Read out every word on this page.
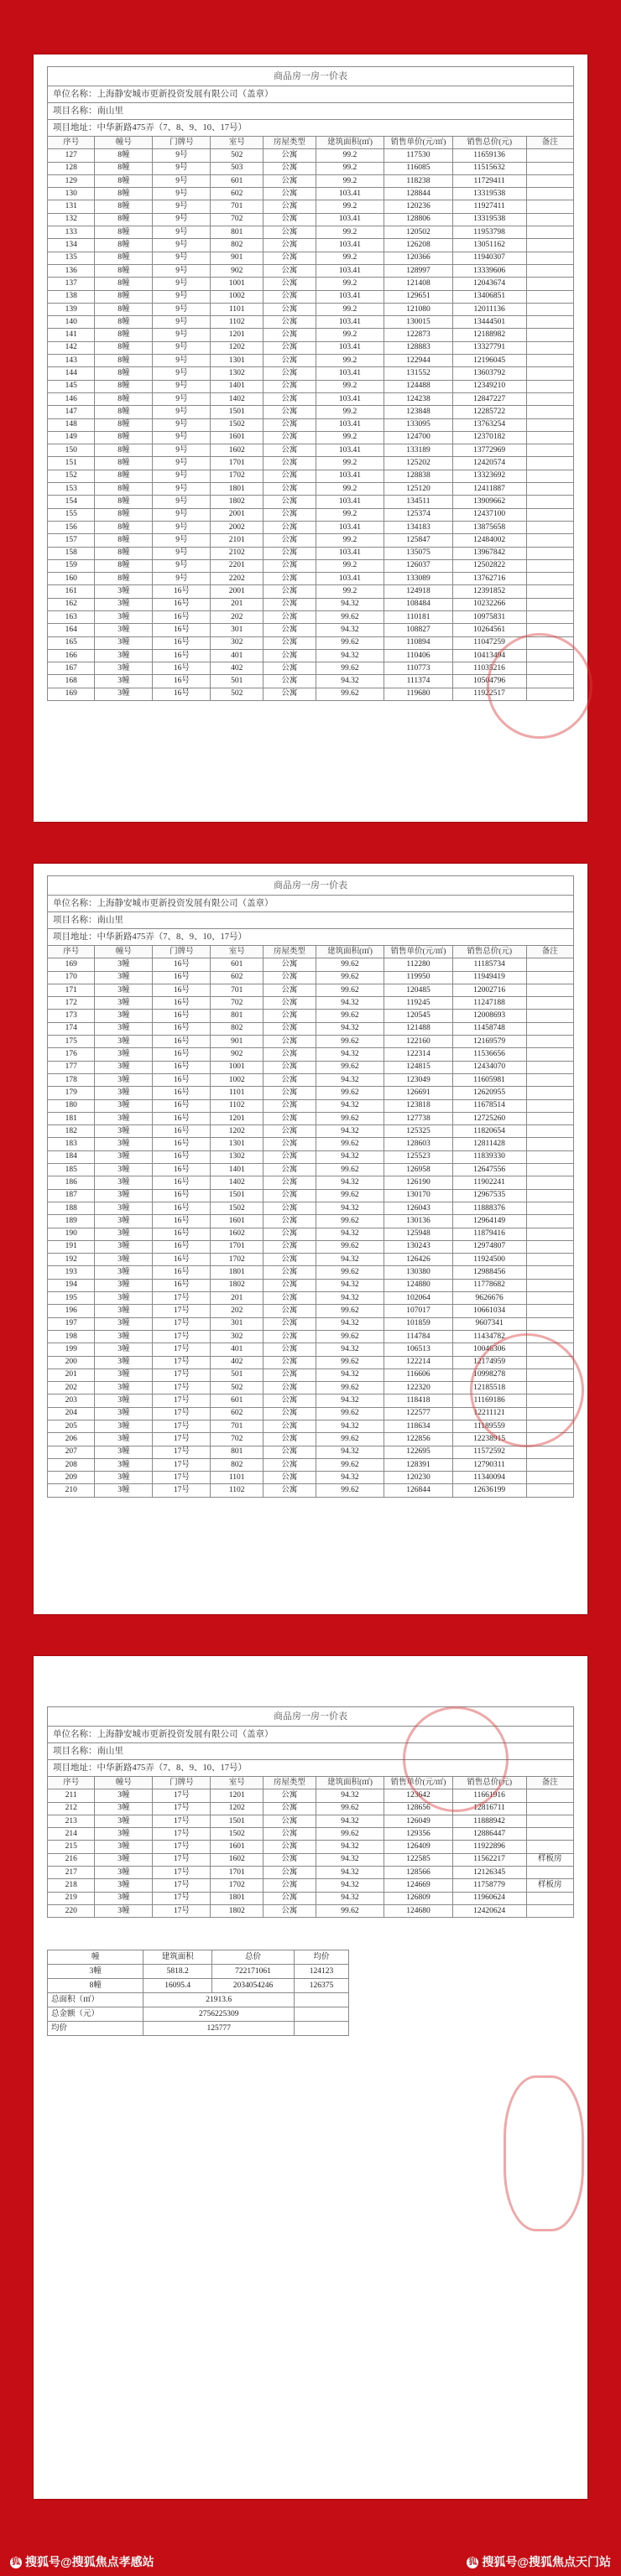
商品房一房一价表
单位名称：上海静安城市更新投资发展有限公司（盖章）
项目名称：南山里
项目地址：中华新路475弄（7、8、9、10、17号）
序号	幢号	门牌号	室号	房屋类型	建筑面积(㎡)	销售单价(元/㎡)	销售总价(元)	备注
127	8幢	9号	502	公寓	99.2	117530	11659136	
128	8幢	9号	503	公寓	99.2	116085	11515632	
129	8幢	9号	601	公寓	99.2	118238	11729411	
130	8幢	9号	602	公寓	103.41	128844	13319538	
131	8幢	9号	701	公寓	99.2	120236	11927411	
132	8幢	9号	702	公寓	103.41	128806	13319538	
133	8幢	9号	801	公寓	99.2	120502	11953798	
134	8幢	9号	802	公寓	103.41	126208	13051162	
135	8幢	9号	901	公寓	99.2	120366	11940307	
136	8幢	9号	902	公寓	103.41	128997	13339606	
137	8幢	9号	1001	公寓	99.2	121408	12043674	
138	8幢	9号	1002	公寓	103.41	129651	13406851	
139	8幢	9号	1101	公寓	99.2	121080	12011136	
140	8幢	9号	1102	公寓	103.41	130015	13444501	
141	8幢	9号	1201	公寓	99.2	122873	12188982	
142	8幢	9号	1202	公寓	103.41	128883	13327791	
143	8幢	9号	1301	公寓	99.2	122944	12196045	
144	8幢	9号	1302	公寓	103.41	131552	13603792	
145	8幢	9号	1401	公寓	99.2	124488	12349210	
146	8幢	9号	1402	公寓	103.41	124238	12847227	
147	8幢	9号	1501	公寓	99.2	123848	12285722	
148	8幢	9号	1502	公寓	103.41	133095	13763254	
149	8幢	9号	1601	公寓	99.2	124700	12370182	
150	8幢	9号	1602	公寓	103.41	133189	13772969	
151	8幢	9号	1701	公寓	99.2	125202	12420574	
152	8幢	9号	1702	公寓	103.41	128838	13323692	
153	8幢	9号	1801	公寓	99.2	125120	12411887	
154	8幢	9号	1802	公寓	103.41	134511	13909662	
155	8幢	9号	2001	公寓	99.2	125374	12437100	
156	8幢	9号	2002	公寓	103.41	134183	13875658	
157	8幢	9号	2101	公寓	99.2	125847	12484002	
158	8幢	9号	2102	公寓	103.41	135075	13967842	
159	8幢	9号	2201	公寓	99.2	126037	12502822	
160	8幢	9号	2202	公寓	103.41	133089	13762716	
161	3幢	16号	2001	公寓	99.2	124918	12391852	
162	3幢	16号	201	公寓	94.32	108484	10232266	
163	3幢	16号	202	公寓	99.62	110181	10975831	
164	3幢	16号	301	公寓	94.32	108827	10264561	
165	3幢	16号	302	公寓	99.62	110894	11047259	
166	3幢	16号	401	公寓	94.32	110406	10413494	
167	3幢	16号	402	公寓	99.62	110773	11035216	
168	3幢	16号	501	公寓	94.32	111374	10504796	
169	3幢	16号	502	公寓	99.62	119680	11922517	
商品房一房一价表
单位名称：上海静安城市更新投资发展有限公司（盖章）
项目名称：南山里
项目地址：中华新路475弄（7、8、9、10、17号）
序号	幢号	门牌号	室号	房屋类型	建筑面积(㎡)	销售单价(元/㎡)	销售总价(元)	备注
169	3幢	16号	601	公寓	99.62	112280	11185734	
170	3幢	16号	602	公寓	99.62	119950	11949419	
171	3幢	16号	701	公寓	99.62	120485	12002716	
172	3幢	16号	702	公寓	94.32	119245	11247188	
173	3幢	16号	801	公寓	99.62	120545	12008693	
174	3幢	16号	802	公寓	94.32	121488	11458748	
175	3幢	16号	901	公寓	99.62	122160	12169579	
176	3幢	16号	902	公寓	94.32	122314	11536656	
177	3幢	16号	1001	公寓	99.62	124815	12434070	
178	3幢	16号	1002	公寓	94.32	123049	11605981	
179	3幢	16号	1101	公寓	99.62	126691	12620955	
180	3幢	16号	1102	公寓	94.32	123818	11678514	
181	3幢	16号	1201	公寓	99.62	127738	12725260	
182	3幢	16号	1202	公寓	94.32	125325	11820654	
183	3幢	16号	1301	公寓	99.62	128603	12811428	
184	3幢	16号	1302	公寓	94.32	125523	11839330	
185	3幢	16号	1401	公寓	99.62	126958	12647556	
186	3幢	16号	1402	公寓	94.32	126190	11902241	
187	3幢	16号	1501	公寓	99.62	130170	12967535	
188	3幢	16号	1502	公寓	94.32	126043	11888376	
189	3幢	16号	1601	公寓	99.62	130136	12964149	
190	3幢	16号	1602	公寓	94.32	125948	11879416	
191	3幢	16号	1701	公寓	99.62	130243	12974807	
192	3幢	16号	1702	公寓	94.32	126426	11924500	
193	3幢	16号	1801	公寓	99.62	130380	12988456	
194	3幢	16号	1802	公寓	94.32	124880	11778682	
195	3幢	17号	201	公寓	94.32	102064	9626676	
196	3幢	17号	202	公寓	99.62	107017	10661034	
197	3幢	17号	301	公寓	94.32	101859	9607341	
198	3幢	17号	302	公寓	99.62	114784	11434782	
199	3幢	17号	401	公寓	94.32	106513	10046306	
200	3幢	17号	402	公寓	99.62	122214	12174959	
201	3幢	17号	501	公寓	94.32	116606	10998278	
202	3幢	17号	502	公寓	99.62	122320	12185518	
203	3幢	17号	601	公寓	94.32	118418	11169186	
204	3幢	17号	602	公寓	99.62	122577	12211121	
205	3幢	17号	701	公寓	94.32	118634	11189559	
206	3幢	17号	702	公寓	99.62	122856	12238915	
207	3幢	17号	801	公寓	94.32	122695	11572592	
208	3幢	17号	802	公寓	99.62	128391	12790311	
209	3幢	17号	1101	公寓	94.32	120230	11340094	
210	3幢	17号	1102	公寓	99.62	126844	12636199	
商品房一房一价表
单位名称：上海静安城市更新投资发展有限公司（盖章）
项目名称：南山里
项目地址：中华新路475弄（7、8、9、10、17号）
序号	幢号	门牌号	室号	房屋类型	建筑面积(㎡)	销售单价(元/㎡)	销售总价(元)	备注
211	3幢	17号	1201	公寓	94.32	123642	11661916	
212	3幢	17号	1202	公寓	99.62	128656	12816711	
213	3幢	17号	1501	公寓	94.32	126049	11888942	
214	3幢	17号	1502	公寓	99.62	129356	12886447	
215	3幢	17号	1601	公寓	94.32	126409	11922896	
216	3幢	17号	1602	公寓	94.32	122585	11562217	样板房
217	3幢	17号	1701	公寓	94.32	128566	12126345	
218	3幢	17号	1702	公寓	94.32	124669	11758779	样板房
219	3幢	17号	1801	公寓	94.32	126809	11960624	
220	3幢	17号	1802	公寓	99.62	124680	12420624	
幢	建筑面积	总价	均价
3幢	5818.2	722171061	124123
8幢	16095.4	2034054246	126375
总面积（㎡）	21913.6		
总金额（元）	2756225309		
均价	125777		
狐 搜狐号@搜狐焦点孝感站	狐 搜狐号@搜狐焦点天门站
